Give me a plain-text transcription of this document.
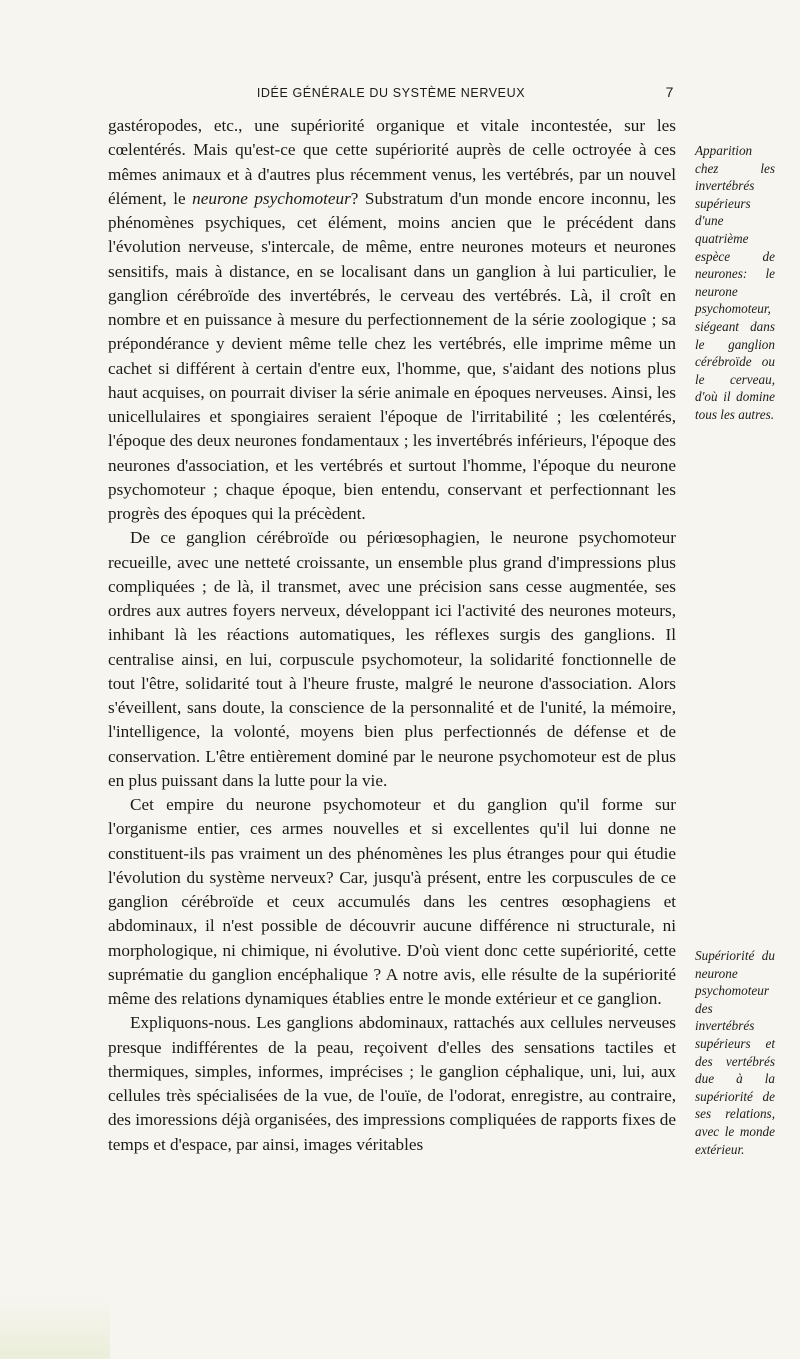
IDÉE GÉNÉRALE DU SYSTÈME NERVEUX	7

gastéropodes, etc., une supériorité organique et vitale incontestée, sur les cœlentérés. Mais qu'est-ce que cette supériorité auprès de celle octroyée à ces mêmes animaux et à d'autres plus récemment venus, les vertébrés, par un nouvel élément, le neurone psychomoteur? Substratum d'un monde encore inconnu, les phénomènes psychiques, cet élément, moins ancien que le précédent dans l'évolution nerveuse, s'intercale, de même, entre neurones moteurs et neurones sensitifs, mais à distance, en se localisant dans un ganglion à lui particulier, le ganglion cérébroïde des invertébrés, le cerveau des vertébrés. Là, il croît en nombre et en puissance à mesure du perfectionnement de la série zoologique ; sa prépondérance y devient même telle chez les vertébrés, elle imprime même un cachet si différent à certain d'entre eux, l'homme, que, s'aidant des notions plus haut acquises, on pourrait diviser la série animale en époques nerveuses. Ainsi, les unicellulaires et spongiaires seraient l'époque de l'irritabilité ; les cœlentérés, l'époque des deux neurones fondamentaux ; les invertébrés inférieurs, l'époque des neurones d'association, et les vertébrés et surtout l'homme, l'époque du neurone psychomoteur ; chaque époque, bien entendu, conservant et perfectionnant les progrès des époques qui la précèdent.

De ce ganglion cérébroïde ou périœsophagien, le neurone psychomoteur recueille, avec une netteté croissante, un ensemble plus grand d'impressions plus compliquées ; de là, il transmet, avec une précision sans cesse augmentée, ses ordres aux autres foyers nerveux, développant ici l'activité des neurones moteurs, inhibant là les réactions automatiques, les réflexes surgis des ganglions. Il centralise ainsi, en lui, corpuscule psychomoteur, la solidarité fonctionnelle de tout l'être, solidarité tout à l'heure fruste, malgré le neurone d'association. Alors s'éveillent, sans doute, la conscience de la personnalité et de l'unité, la mémoire, l'intelligence, la volonté, moyens bien plus perfectionnés de défense et de conservation. L'être entièrement dominé par le neurone psychomoteur est de plus en plus puissant dans la lutte pour la vie.

Cet empire du neurone psychomoteur et du ganglion qu'il forme sur l'organisme entier, ces armes nouvelles et si excellentes qu'il lui donne ne constituent-ils pas vraiment un des phénomènes les plus étranges pour qui étudie l'évolution du système nerveux? Car, jusqu'à présent, entre les corpuscules de ce ganglion cérébroïde et ceux accumulés dans les centres œsophagiens et abdominaux, il n'est possible de découvrir aucune différence ni structurale, ni morphologique, ni chimique, ni évolutive. D'où vient donc cette supériorité, cette suprématie du ganglion encéphalique ? A notre avis, elle résulte de la supériorité même des relations dynamiques établies entre le monde extérieur et ce ganglion.

Expliquons-nous. Les ganglions abdominaux, rattachés aux cellules nerveuses presque indifférentes de la peau, reçoivent d'elles des sensations tactiles et thermiques, simples, informes, imprécises ; le ganglion céphalique, uni, lui, aux cellules très spécialisées de la vue, de l'ouïe, de l'odorat, enregistre, au contraire, des imoressions déjà organisées, des impressions compliquées de rapports fixes de temps et d'espace, par ainsi, images véritables

Apparition chez les invertébrés supérieurs d'une quatrième espèce de neurones: le neurone psychomoteur, siégeant dans le ganglion cérébroïde ou le cerveau, d'où il domine tous les autres.
Supériorité du neurone psychomoteur des invertébrés supérieurs et des vertébrés due à la supériorité de ses relations, avec le monde extérieur.
